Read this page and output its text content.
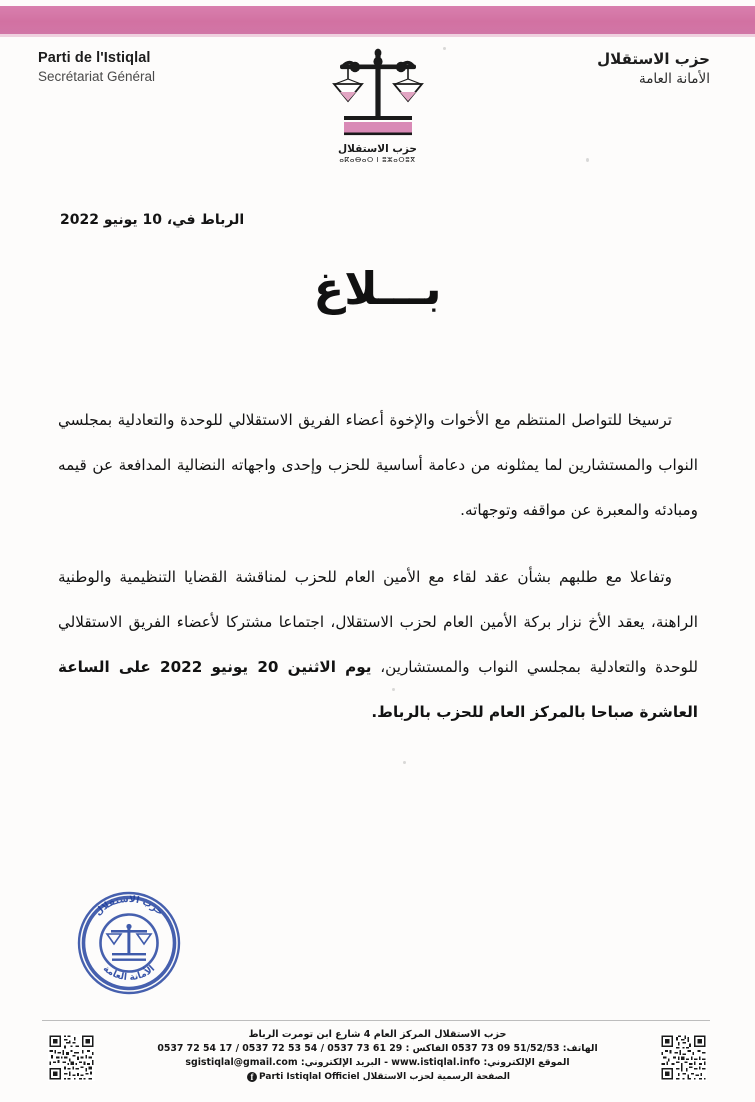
Parti de l'Istiqlal
Secrétariat Général
حزب الاستقلال
ⴰⴽⴰⴱⴰⵔ ⵏ ⵓⵣⴰⵔⵓⴳ
حزب الاستقلال
الأمانة العامة
الرباط في، 10 يونيو 2022
بـــلاغ

ترسيخا للتواصل المنتظم مع الأخوات والإخوة أعضاء الفريق الاستقلالي للوحدة والتعادلية بمجلسي النواب والمستشارين لما يمثلونه من دعامة أساسية للحزب وإحدى واجهاته النضالية المدافعة عن قيمه ومبادئه والمعبرة عن مواقفه وتوجهاته.

وتفاعلا مع طلبهم بشأن عقد لقاء مع الأمين العام للحزب لمناقشة القضايا التنظيمية والوطنية الراهنة، يعقد الأخ نزار بركة الأمين العام لحزب الاستقلال، اجتماعا مشتركا لأعضاء الفريق الاستقلالي للوحدة والتعادلية بمجلسي النواب والمستشارين، يوم الاثنين 20 يونيو 2022 على الساعة العاشرة صباحا بالمركز العام للحزب بالرباط.

حزب الاستقلال
الأمانة العامة
حزب الاستقلال المركز العام 4 شارع ابن تومرت الرباط
الهاتف: 0537 73 09 51/52/53 الفاكس : 0537 72 54 17 / 0537 72 53 54 / 0537 73 61 29
الموقع الإلكتروني: www.istiqlal.info - البريد الإلكتروني: sgistiqlal@gmail.com
الصفحة الرسمية لحزب الاستقلال Parti Istiqlal Officielf
